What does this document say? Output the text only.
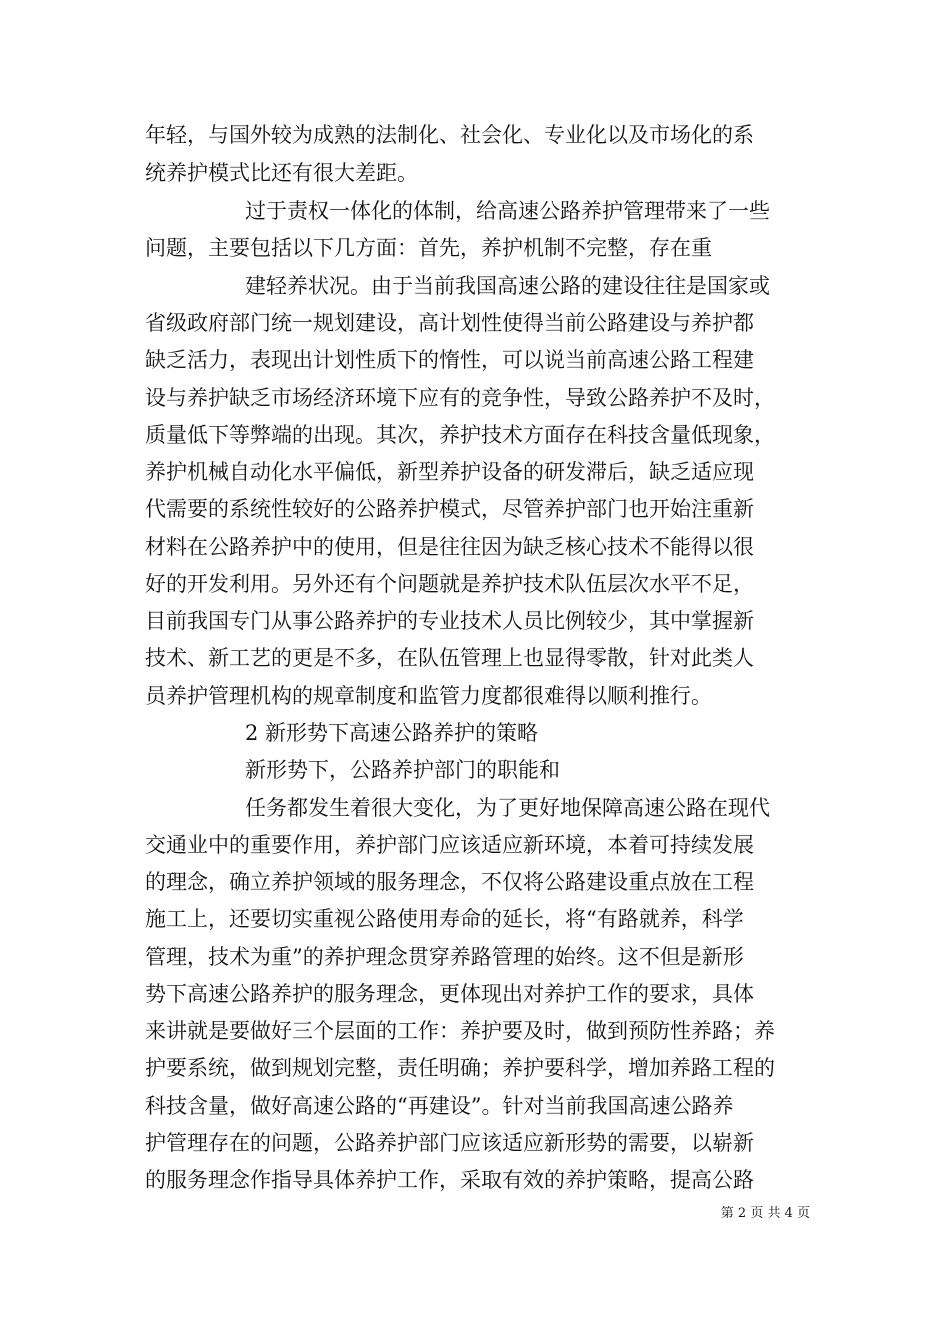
年轻，与国外较为成熟的法制化、社会化、专业化以及市场化的系
统养护模式比还有很大差距。
过于责权一体化的体制，给高速公路养护管理带来了一些
问题，主要包括以下几方面：首先，养护机制不完整，存在重
建轻养状况。由于当前我国高速公路的建设往往是国家或
省级政府部门统一规划建设，高计划性使得当前公路建设与养护都
缺乏活力，表现出计划性质下的惰性，可以说当前高速公路工程建
设与养护缺乏市场经济环境下应有的竞争性，导致公路养护不及时，
质量低下等弊端的出现。其次，养护技术方面存在科技含量低现象，
养护机械自动化水平偏低，新型养护设备的研发滞后，缺乏适应现
代需要的系统性较好的公路养护模式，尽管养护部门也开始注重新
材料在公路养护中的使用，但是往往因为缺乏核心技术不能得以很
好的开发利用。另外还有个问题就是养护技术队伍层次水平不足，
目前我国专门从事公路养护的专业技术人员比例较少，其中掌握新
技术、新工艺的更是不多，在队伍管理上也显得零散，针对此类人
员养护管理机构的规章制度和监管力度都很难得以顺利推行。
2 新形势下高速公路养护的策略
新形势下，公路养护部门的职能和
任务都发生着很大变化，为了更好地保障高速公路在现代
交通业中的重要作用，养护部门应该适应新环境，本着可持续发展
的理念，确立养护领域的服务理念，不仅将公路建设重点放在工程
施工上，还要切实重视公路使用寿命的延长，将“有路就养，科学
管理，技术为重”的养护理念贯穿养路管理的始终。这不但是新形
势下高速公路养护的服务理念，更体现出对养护工作的要求，具体
来讲就是要做好三个层面的工作：养护要及时，做到预防性养路；养
护要系统，做到规划完整，责任明确；养护要科学，增加养路工程的
科技含量，做好高速公路的“再建设”。针对当前我国高速公路养
护管理存在的问题，公路养护部门应该适应新形势的需要，以崭新
的服务理念作指导具体养护工作，采取有效的养护策略，提高公路
第 2 页 共 4 页
